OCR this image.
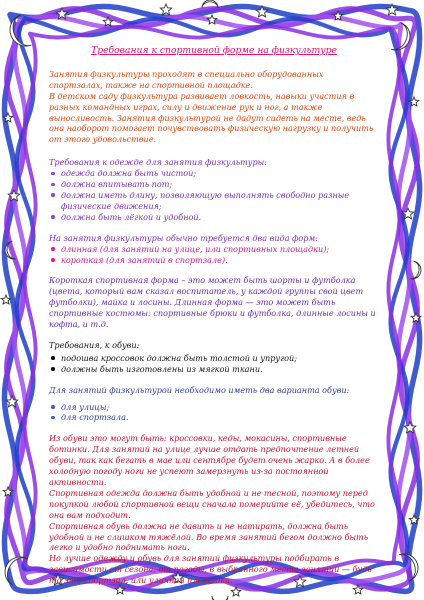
Требования к спортивной форме на физкультуре

Занятия физкультуры проходят в специально оборудованных спортзалах, также на спортивной площадке.
В детском саду физкультура развивает ловкость, навыки участия в разных командных играх, силу и движение рук и ног, а также выносливость. Занятия физкультурой не дадут сидеть на месте, ведь она наоборот помогает почувствовать физическую нагрузку и получить от этого удовольствие.

Требования к одежде для занятия физкультуры:

одежда должна быть чистой;
должна впитывать пот;
должна иметь длину, позволяющую выполнять свободно разные физические движения;
должна быть лёгкой и удобной.

На занятия физкультуры обычно требуется два вида форм:

длинная (для занятий на улице, или спортивных площадки);
короткая (для занятий в спортзале).

Короткая спортивная форма – это может быть шорты и футболка (цвета, который вам сказал воспитатель, у каждой группы свой цвет футболки), майка и лосины. Длинная форма — это может быть спортивные костюмы: спортивные брюки и футболка, длинные лосины и кофта, и т.д.

Требования, к обуви:

подошва кроссовок должна быть толстой и упругой;
должны быть изготовлены из мягкой ткани.

Для занятий физкультурой необходимо иметь два варианта обуви:

для улицы;
для спортзала.

Из обуви это могут быть: кроссовки, кеды, мокасины, спортивные ботинки. Для занятий на улице лучше отдать предпочтение летней обуви, так как бегать в мае или сентябре будет очень жарко. А в более холодную погоду ноги не успеют замерзнуть из-за постоянной активности.
Спортивная одежда должна быть удобной и не тесной, поэтому перед покупкой любой спортивной вещи сначала померийте её, убедитесь, что она вам подходит.
Спортивная обувь должна не давить и не натирать, должна быть удобной и не слишком тяжёлой. Во время занятий бегом должно быть легко и удобно поднимать ноги.
Но лучше одежду и обувь для занятий физкультуры подбирать в зависимости от сезона, от погоды, в выбранного места занятий — будь то это спортзал, или уличная площадка.
